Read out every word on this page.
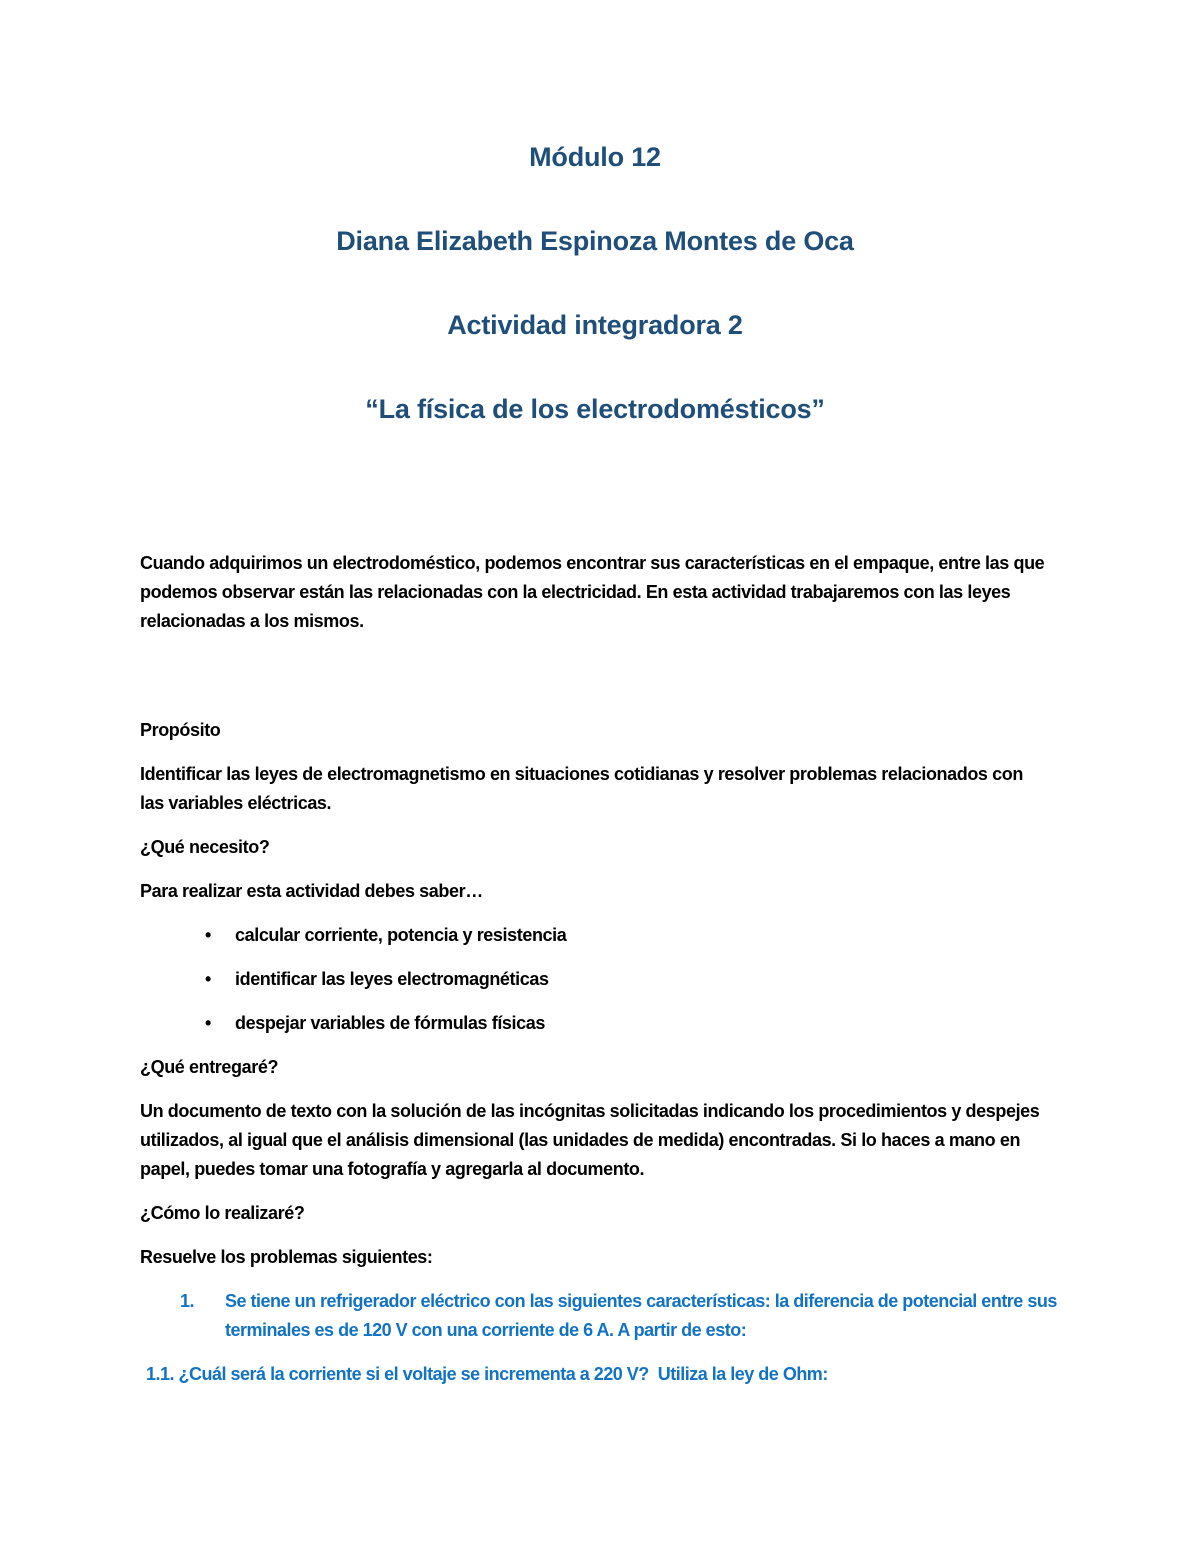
Módulo 12
Diana Elizabeth Espinoza Montes de Oca
Actividad integradora 2
“La física de los electrodomésticos”

Cuando adquirimos un electrodoméstico, podemos encontrar sus características en el empaque, entre las que podemos observar están las relacionadas con la electricidad. En esta actividad trabajaremos con las leyes relacionadas a los mismos.

Propósito

Identificar las leyes de electromagnetismo en situaciones cotidianas y resolver problemas relacionados con las variables eléctricas.

¿Qué necesito?

Para realizar esta actividad debes saber…

•	calcular corriente, potencia y resistencia
•	identificar las leyes electromagnéticas
•	despejar variables de fórmulas físicas

¿Qué entregaré?

Un documento de texto con la solución de las incógnitas solicitadas indicando los procedimientos y despejes utilizados, al igual que el análisis dimensional (las unidades de medida) encontradas. Si lo haces a mano en papel, puedes tomar una fotografía y agregarla al documento.

¿Cómo lo realizaré?

Resuelve los problemas siguientes:

1.	Se tiene un refrigerador eléctrico con las siguientes características: la diferencia de potencial entre sus terminales es de 120 V con una corriente de 6 A. A partir de esto:

1.1. ¿Cuál será la corriente si el voltaje se incrementa a 220 V?  Utiliza la ley de Ohm:
